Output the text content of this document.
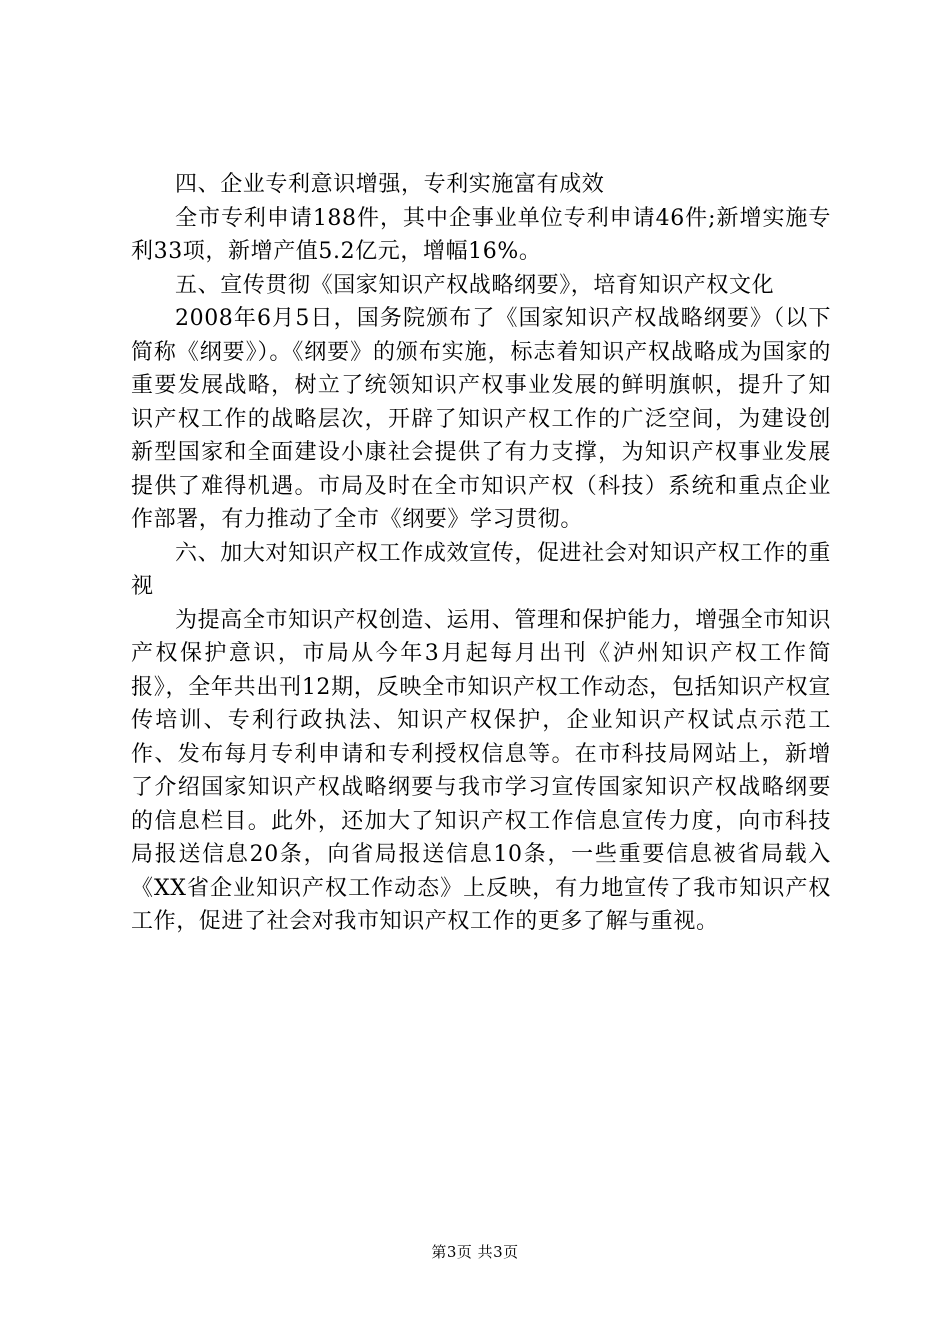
四、企业专利意识增强，专利实施富有成效

全市专利申请188件，其中企事业单位专利申请46件;新增实施专利33项，新增产值5.2亿元，增幅16%。

五、宣传贯彻《国家知识产权战略纲要》，培育知识产权文化

2008年6月5日，国务院颁布了《国家知识产权战略纲要》（以下简称《纲要》）。《纲要》的颁布实施，标志着知识产权战略成为国家的重要发展战略，树立了统领知识产权事业发展的鲜明旗帜，提升了知识产权工作的战略层次，开辟了知识产权工作的广泛空间，为建设创新型国家和全面建设小康社会提供了有力支撑，为知识产权事业发展提供了难得机遇。市局及时在全市知识产权（科技）系统和重点企业作部署，有力推动了全市《纲要》学习贯彻。

六、加大对知识产权工作成效宣传，促进社会对知识产权工作的重视

为提高全市知识产权创造、运用、管理和保护能力，增强全市知识产权保护意识，市局从今年3月起每月出刊《泸州知识产权工作简报》，全年共出刊12期，反映全市知识产权工作动态，包括知识产权宣传培训、专利行政执法、知识产权保护，企业知识产权试点示范工作、发布每月专利申请和专利授权信息等。在市科技局网站上，新增了介绍国家知识产权战略纲要与我市学习宣传国家知识产权战略纲要的信息栏目。此外，还加大了知识产权工作信息宣传力度，向市科技局报送信息20条，向省局报送信息10条，一些重要信息被省局载入《XX省企业知识产权工作动态》上反映，有力地宣传了我市知识产权工作，促进了社会对我市知识产权工作的更多了解与重视。

第3页 共3页
